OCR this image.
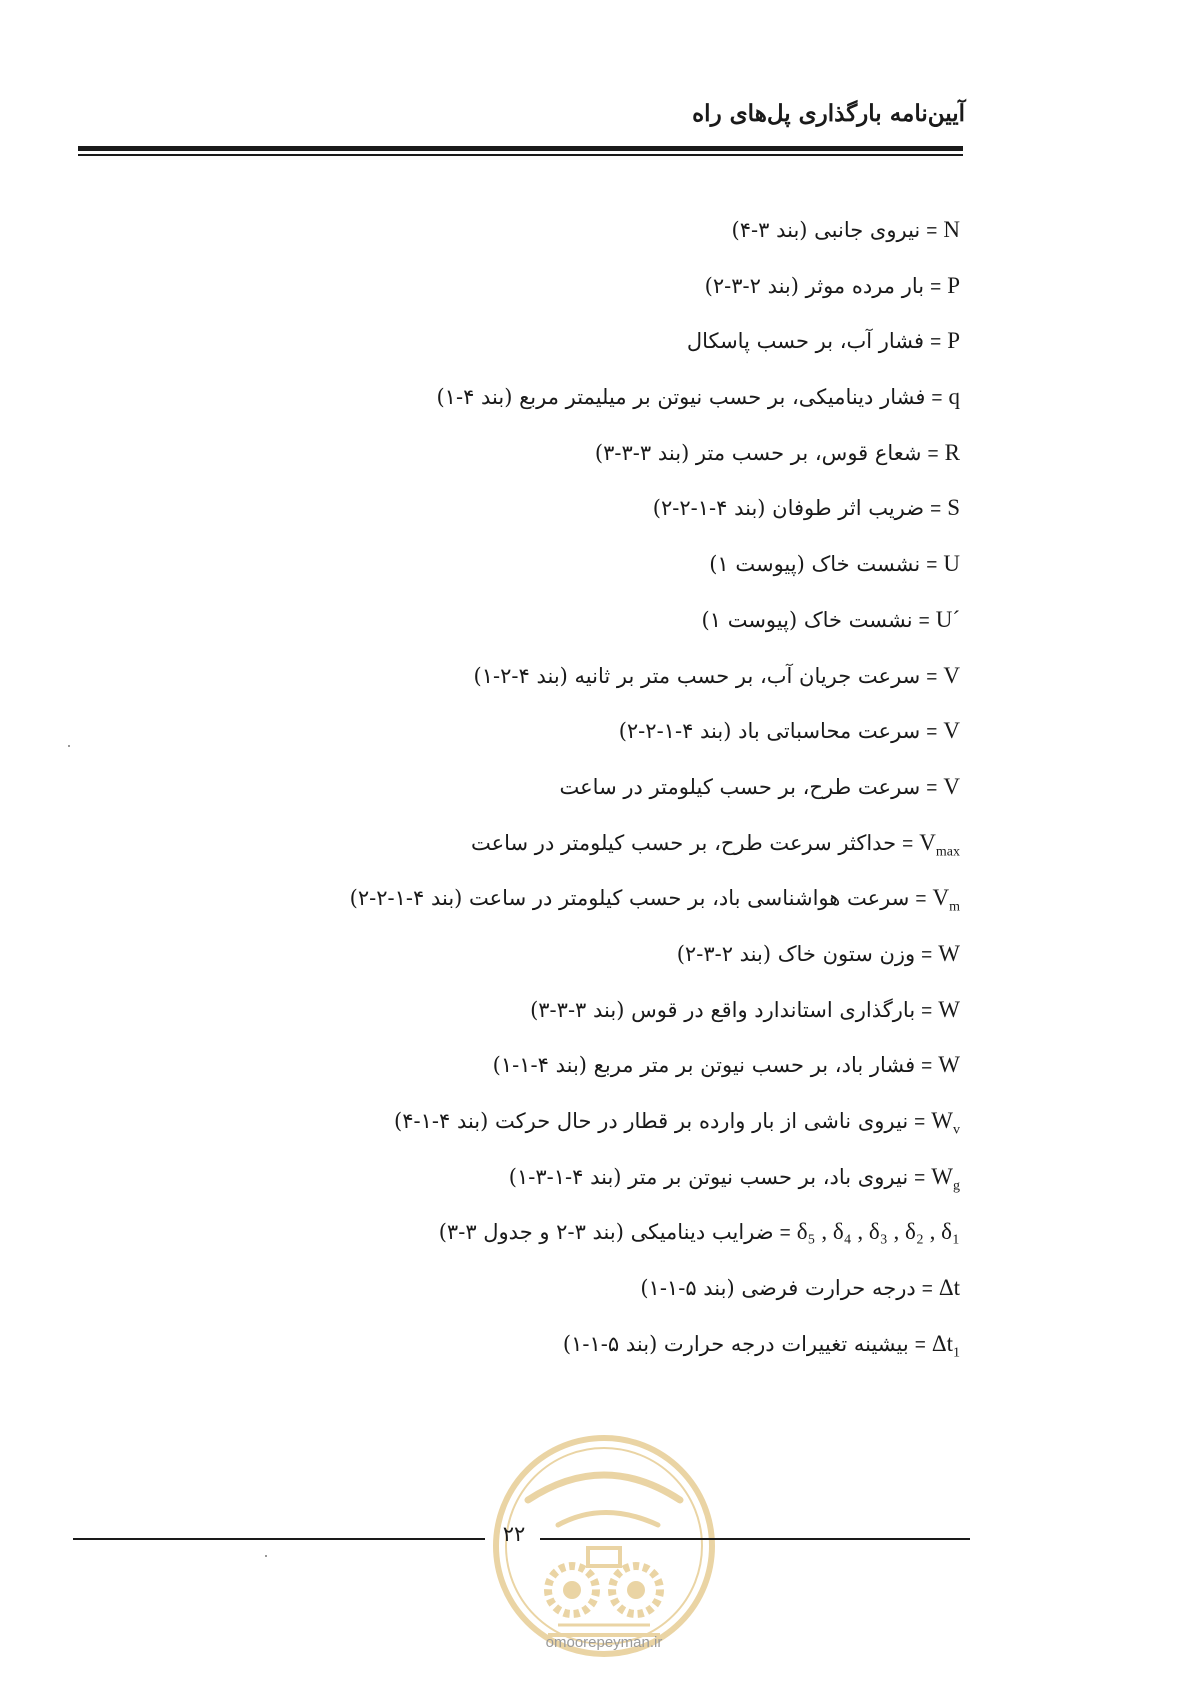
آیین‌نامه بارگذاری پل‌های راه
نیروی جانبی (بند ۳-۴) = N
بار مرده موثر (بند ۲-۳-۲) = P
فشار آب، بر حسب پاسکال = P
فشار دینامیکی، بر حسب نیوتن بر میلیمتر مربع (بند ۴-۱) = q
شعاع قوس، بر حسب متر (بند ۳-۳-۳) = R
ضریب اثر طوفان (بند ۴-۱-۲-۲) = S
نشست خاک (پیوست ۱) = U
نشست خاک (پیوست ۱) = U´
سرعت جریان آب، بر حسب متر بر ثانیه (بند ۴-۲-۱) = V
سرعت محاسباتی باد (بند ۴-۱-۲-۲) = V
سرعت طرح، بر حسب کیلومتر در ساعت = V
حداکثر سرعت طرح، بر حسب کیلومتر در ساعت = $V_{max}$
سرعت هواشناسی باد، بر حسب کیلومتر در ساعت (بند ۴-۱-۲-۲) = $V_m$
وزن ستون خاک (بند ۲-۳-۲) = W
بارگذاری استاندارد واقع در قوس (بند ۳-۳-۳) = W
فشار باد، بر حسب نیوتن بر متر مربع (بند ۴-۱-۱) = W
نیروی ناشی از بار وارده بر قطار در حال حرکت (بند ۴-۱-۴) = $W_v$
نیروی باد، بر حسب نیوتن بر متر (بند ۴-۱-۳-۱) = $W_g$
ضرایب دینامیکی (بند ۳-۲ و جدول ۳-۳) = δ₅ , δ₄ , δ₃ , δ₂ , δ₁
درجه حرارت فرضی (بند ۵-۱-۱) = Δt
بیشینه تغییرات درجه حرارت (بند ۵-۱-۱) = $\Delta t_1$
omoorepeyman.ir
۲۲
